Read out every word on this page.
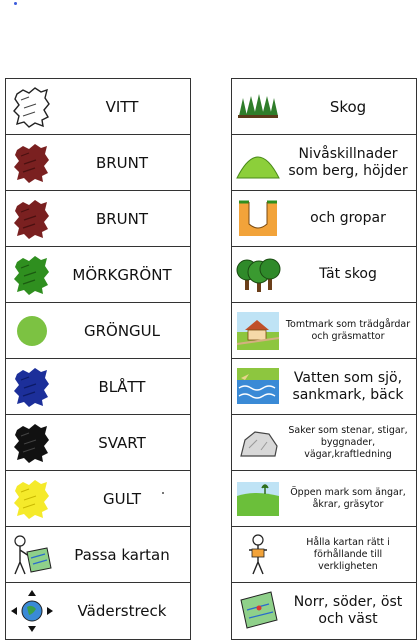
VITT
BRUNT
BRUNT
MÖRKGRÖNT
GRÖNGUL
BLÅTT
SVART
GULT
Passa kartan
Väderstreck
Skog
Nivåskillnader som berg, höjder
och gropar
Tät skog
Tomtmark som trädgårdar och gräsmattor
Vatten som sjö, sankmark, bäck
Saker som stenar, stigar, byggnader, vägar,kraftledning
Öppen mark som ängar, åkrar, gräsytor
Hålla kartan rätt i förhållande till verkligheten
Norr, söder, öst och väst
